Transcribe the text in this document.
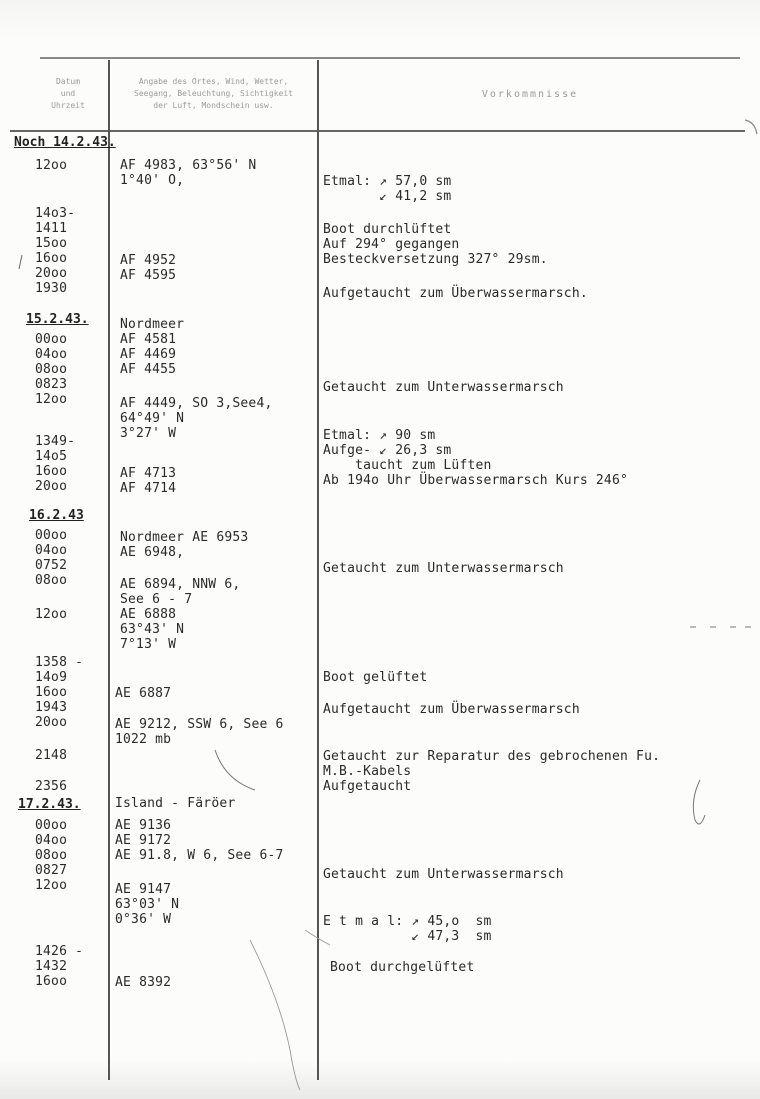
Datum
und
Uhrzeit
Angabe des Ortes, Wind, Wetter,
Seegang, Beleuchtung, Sichtigkeit
der Luft, Mondschein usw.
Vorkommnisse
Noch 14.2.43.
15.2.43.
16.2.43
17.2.43.
12oo
14o3-
1411
15oo
16oo
20oo
1930
00oo
04oo
08oo
0823
12oo
1349-
14o5
16oo
20oo
00oo
04oo
0752
08oo
12oo
1358 -
14o9
16oo
1943
20oo
2148
2356
00oo
04oo
08oo
0827
12oo
1426 -
1432
16oo
AF 4983, 63°56' N
1°40' O,
AF 4952
AF 4595
Nordmeer
AF 4581
AF 4469
AF 4455
AF 4449, SO 3,See4,
64°49' N
3°27' W
AF 4713
AF 4714
Nordmeer AE 6953
AE 6948,
AE 6894, NNW 6,
See 6 - 7
AE 6888
63°43' N
7°13' W
AE 6887
AE 9212, SSW 6, See 6
1022 mb
Island - Färöer
AE 9136
AE 9172
AE 91.8, W 6, See 6-7
AE 9147
63°03' N
0°36' W
AE 8392
Etmal: ↗ 57,0 sm
↙ 41,2 sm
Boot durchlüftet
Auf 294° gegangen
Besteckversetzung 327° 29sm.
Aufgetaucht zum Überwassermarsch.
Getaucht zum Unterwassermarsch
Etmal: ↗ 90 sm
Aufge- ↙ 26,3 sm
taucht zum Lüften
Ab 194o Uhr Überwassermarsch Kurs 246°
Getaucht zum Unterwassermarsch
Boot gelüftet
Aufgetaucht zum Überwassermarsch
Getaucht zur Reparatur des gebrochenen Fu.
M.B.-Kabels
Aufgetaucht
Getaucht zum Unterwassermarsch
E t m a l: ↗ 45,o  sm
↙ 47,3  sm
Boot durchgelüftet
